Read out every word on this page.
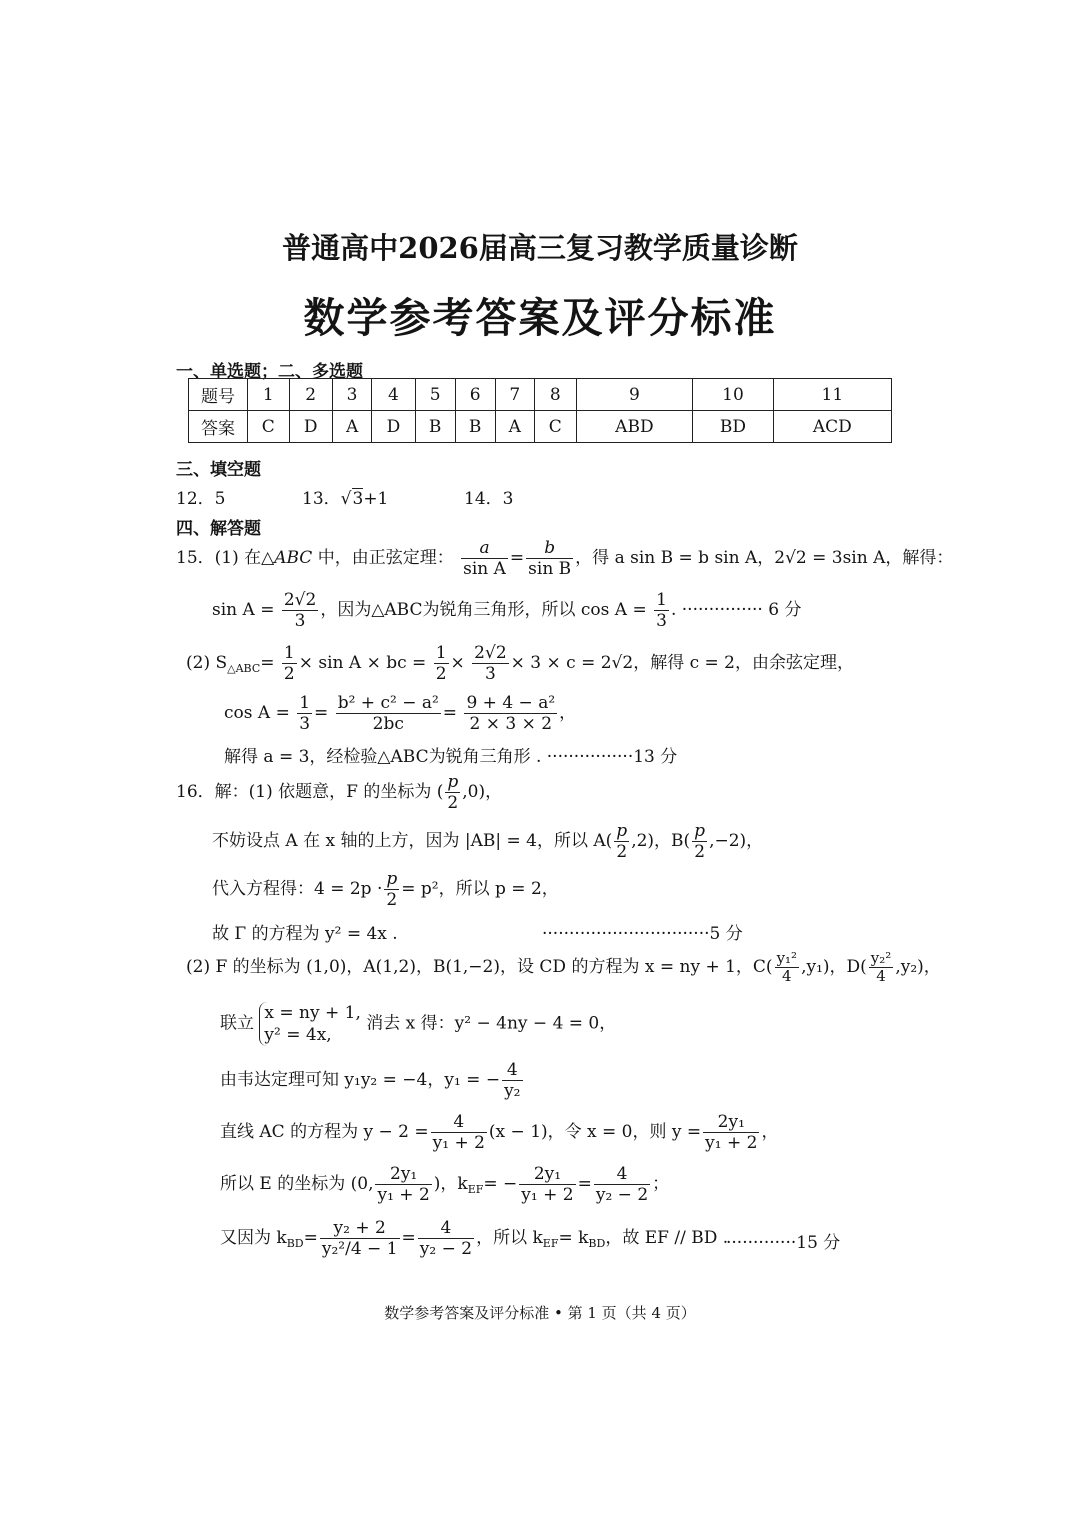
普通高中2026届高三复习教学质量诊断
数学参考答案及评分标准
一、单选题；二、多选题
题号	1	2	3	4	5	6	7	8	9	10	11
答案	C	D	A	D	B	B	A	C	ABD	BD	ACD
三、填空题
12．5	13．√3+1	14．3
四、解答题
15．(1) 在△ABC 中，由正弦定理： $\frac{a}{\text{sin A}} = \frac{b}{\text{sin B}}$ ，得 a sin B = b sin A，2√2 = 3sin A，解得：
$\sin A = \frac{2√2}{3}$ ，因为△ABC为锐角三角形，所以 $\cos A = \frac{1}{3}$ . ··············· 6 分
(2) $S_{\triangle ABC}= \frac{1}{2} \times \sin A$ × bc = $\frac{1}{2} \times \frac{2√2}{3} \times 3 \times c = 2√2$，解得 c = 2，由余弦定理，
$\cos A = \frac{1}{3} = \frac{\text{b² + c² − a²}}{2bc} = \frac{\text{9 + 4 − a²}}{2 \times 3 \times 2}$ ，
解得 a = 3，经检验△ABC为锐角三角形 . ················13 分
16．解：(1) 依题意，F 的坐标为 ( $\frac{p}{2} ,0$)，
不妨设点 A 在 x 轴的上方，因为 |AB| = 4，所以 $A( \frac{p}{2} ,2)$，$B( \frac{p}{2} ,-2)$，
代入方程得：$4 = 2p \cdot \frac{p}{2} = p^2$，所以 p = 2，
故 Γ 的方程为 y² = 4x .	·······························5 分
(2) F 的坐标为 (1,0)，A(1,2)，B(1,−2)，设 CD 的方程为 x = ny + 1，$C( \frac{\text{y₁²}}{4} ,y_1)$，$D( \frac{\text{y₂²}}{4} ,y_2)$，
联立
x = ny + 1,
y² = 4x,
消去 x 得：y² − 4ny − 4 = 0，
由韦达定理可知 y₁y₂ = −4，y₁ = − $\frac{4}{\text{y₂}}$
直线 AC 的方程为 $y - 2 = \frac{4}{\text{y₁ + 2}} (x - 1)$，令 x = 0，则 $y = \frac{\text{2y₁}}{\text{y₁ + 2}}$ ，
所以 E 的坐标为 (0, $\frac{\text{2y₁}}{\text{y₁ + 2}}$ )，$k_{EF}= - \frac{\text{2y₁}}{\text{y₁ + 2}} = \frac{4}{\text{y₂ − 2}}$ ；
又因为 $k_{BD}= \frac{\text{y₂ + 2}}{\text{y₂²/4 − 1}} = \frac{4}{\text{y₂ − 2}}$ ，所以 $k_{EF}= k_{BD}$，故 EF // BD .
·············15 分
数学参考答案及评分标准 • 第 1 页（共 4 页）
